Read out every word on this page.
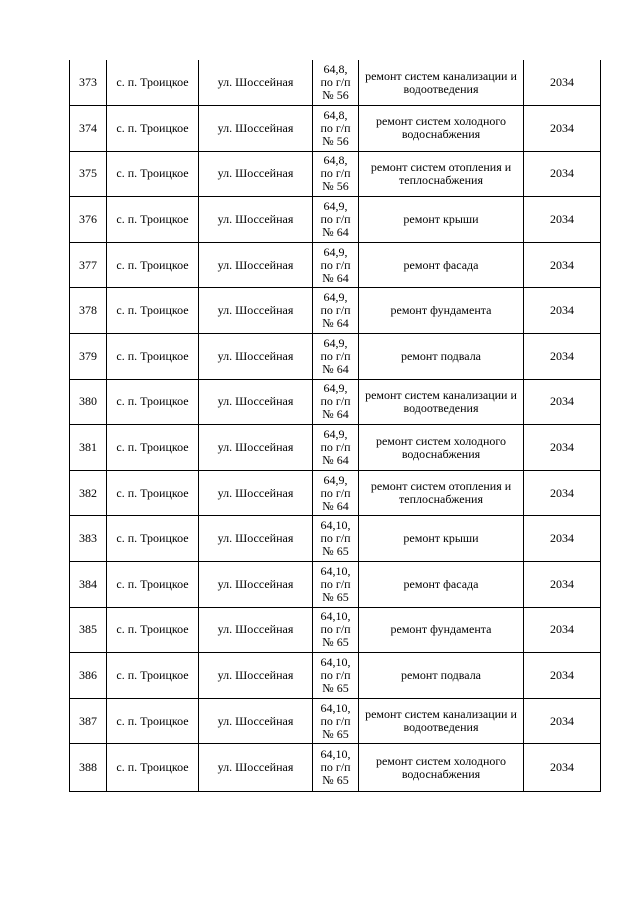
373	с. п. Троицкое	ул. Шоссейная	64,8,
по г/п
№ 56	ремонт систем канализации и водоотведения	2034
374	с. п. Троицкое	ул. Шоссейная	64,8,
по г/п
№ 56	ремонт систем холодного водоснабжения	2034
375	с. п. Троицкое	ул. Шоссейная	64,8,
по г/п
№ 56	ремонт систем отопления и теплоснабжения	2034
376	с. п. Троицкое	ул. Шоссейная	64,9,
по г/п
№ 64	ремонт крыши	2034
377	с. п. Троицкое	ул. Шоссейная	64,9,
по г/п
№ 64	ремонт фасада	2034
378	с. п. Троицкое	ул. Шоссейная	64,9,
по г/п
№ 64	ремонт фундамента	2034
379	с. п. Троицкое	ул. Шоссейная	64,9,
по г/п
№ 64	ремонт подвала	2034
380	с. п. Троицкое	ул. Шоссейная	64,9,
по г/п
№ 64	ремонт систем канализации и водоотведения	2034
381	с. п. Троицкое	ул. Шоссейная	64,9,
по г/п
№ 64	ремонт систем холодного водоснабжения	2034
382	с. п. Троицкое	ул. Шоссейная	64,9,
по г/п
№ 64	ремонт систем отопления и теплоснабжения	2034
383	с. п. Троицкое	ул. Шоссейная	64,10,
по г/п
№ 65	ремонт крыши	2034
384	с. п. Троицкое	ул. Шоссейная	64,10,
по г/п
№ 65	ремонт фасада	2034
385	с. п. Троицкое	ул. Шоссейная	64,10,
по г/п
№ 65	ремонт фундамента	2034
386	с. п. Троицкое	ул. Шоссейная	64,10,
по г/п
№ 65	ремонт подвала	2034
387	с. п. Троицкое	ул. Шоссейная	64,10,
по г/п
№ 65	ремонт систем канализации и водоотведения	2034
388	с. п. Троицкое	ул. Шоссейная	64,10,
по г/п
№ 65	ремонт систем холодного водоснабжения	2034
